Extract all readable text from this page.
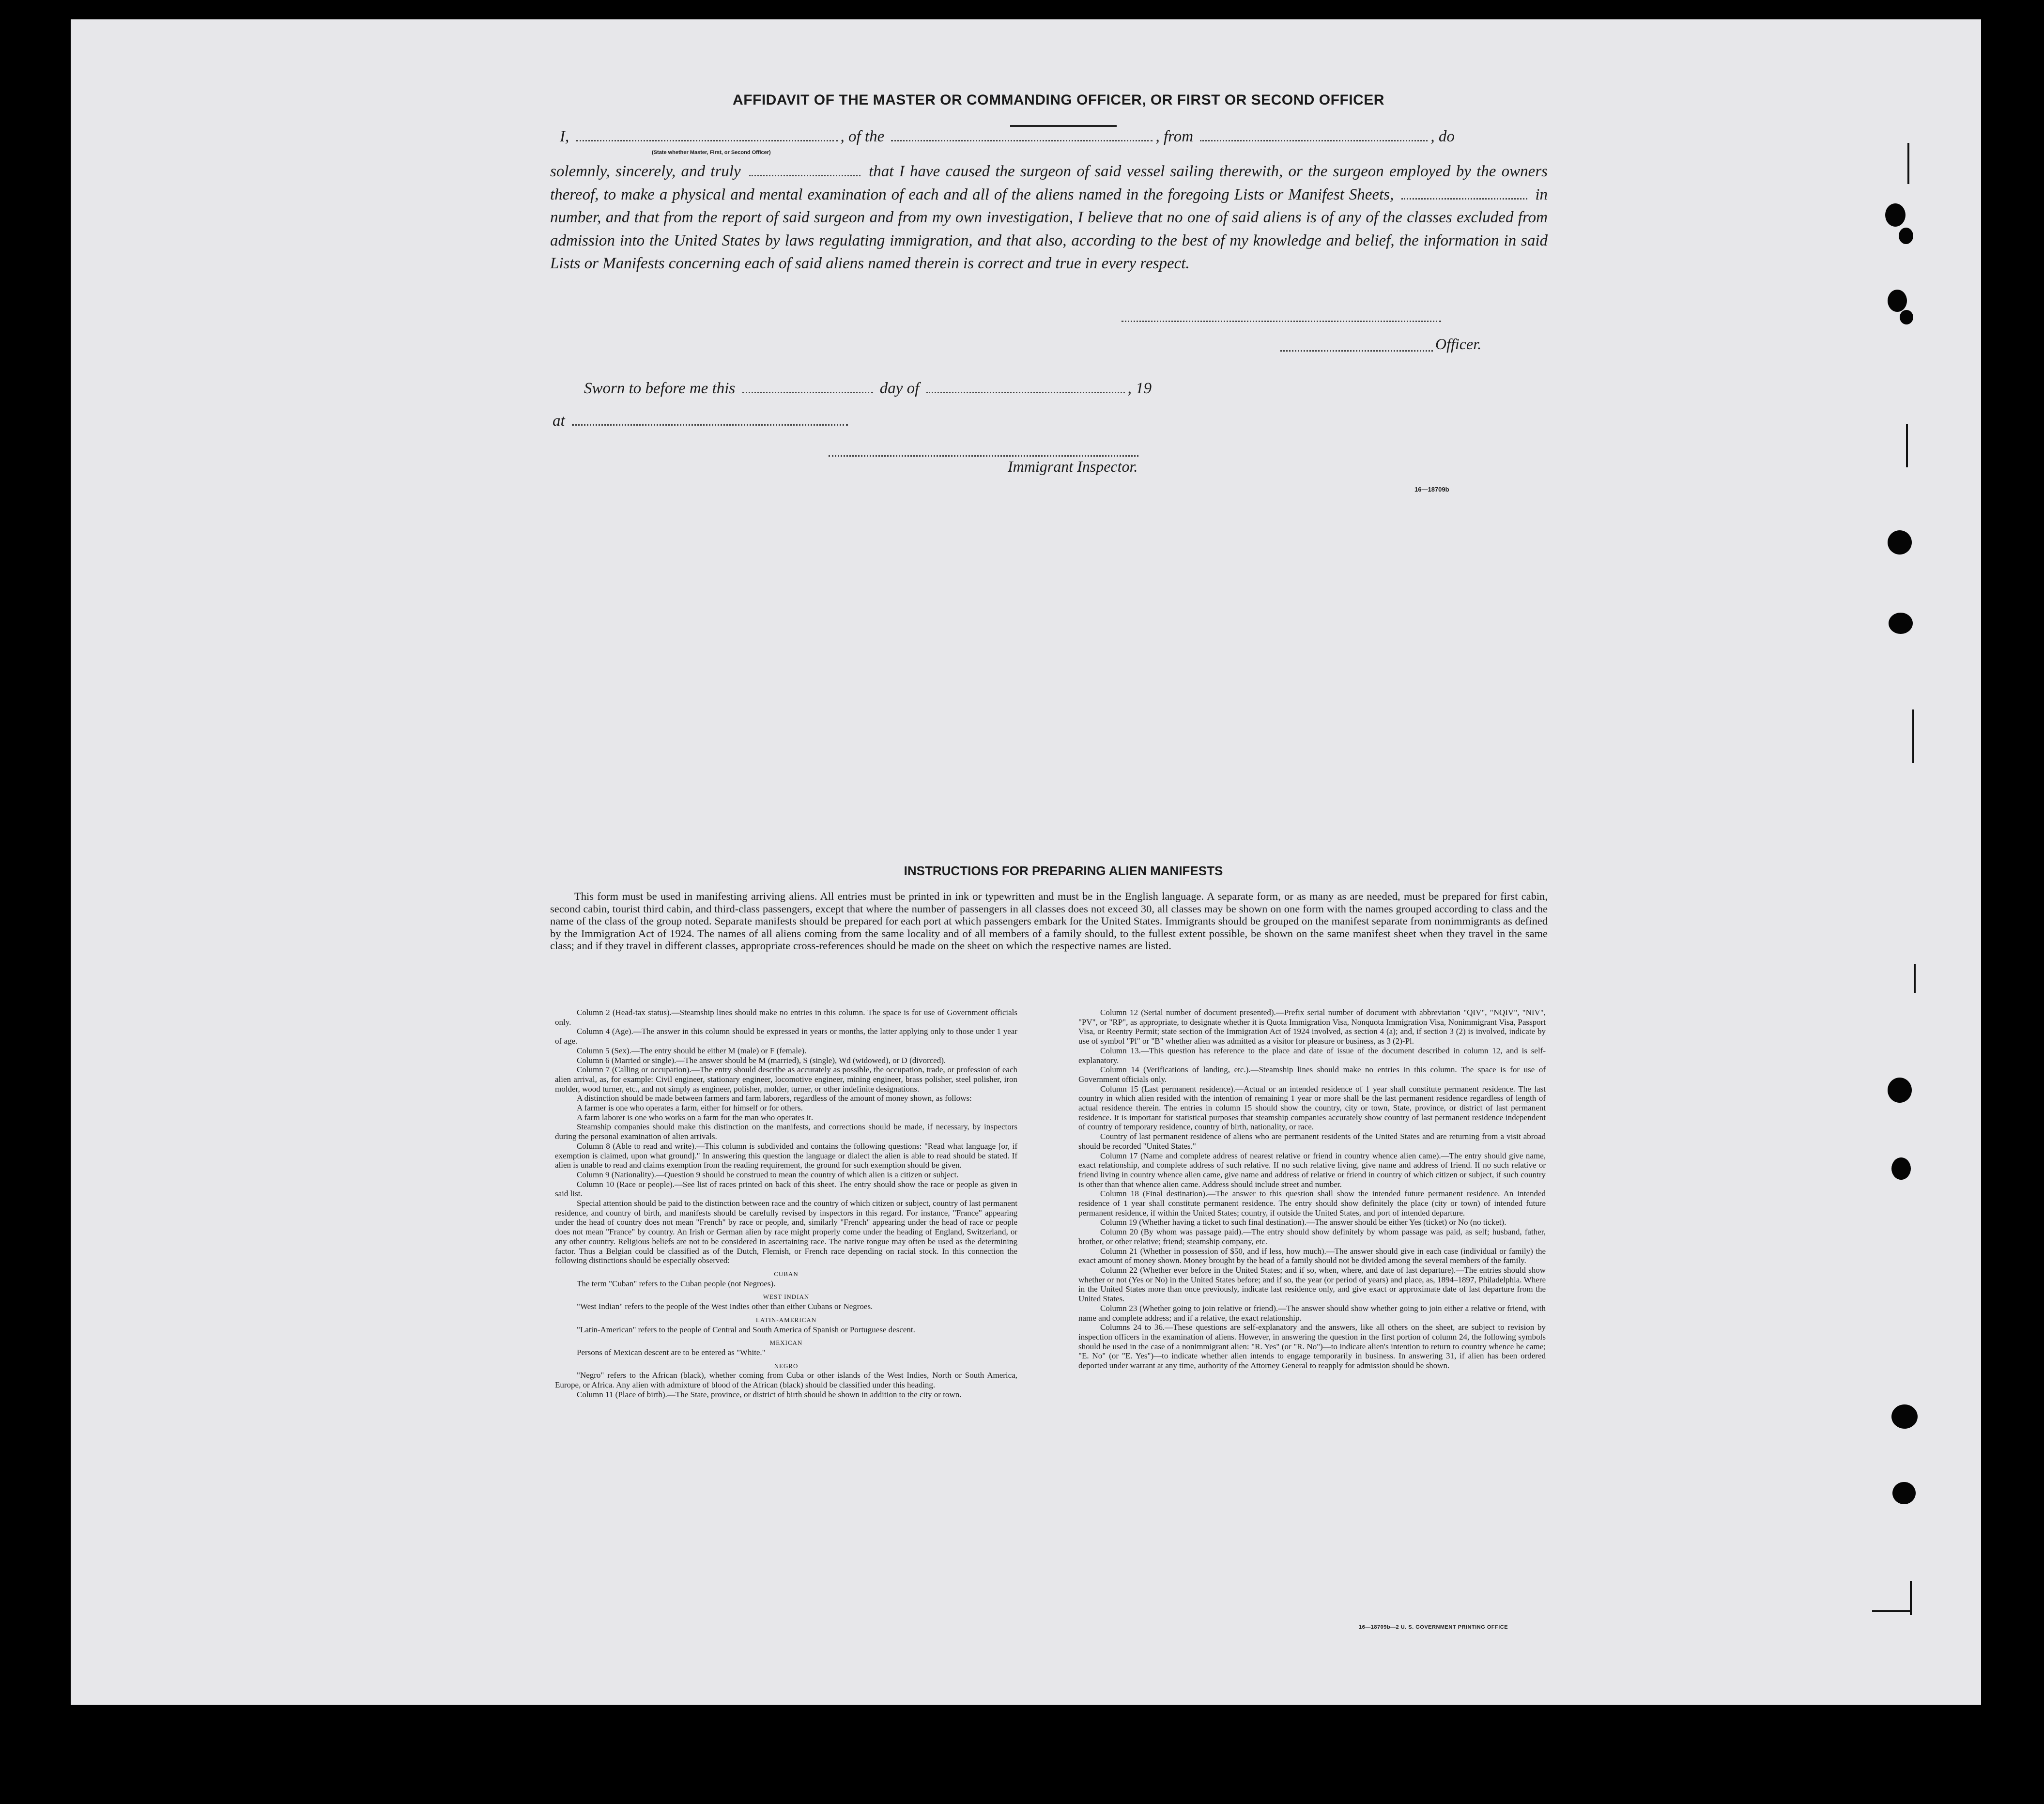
AFFIDAVIT OF THE MASTER OR COMMANDING OFFICER, OR FIRST OR SECOND OFFICER
I,	, of the	, from	, do
(State whether Master, First, or Second Officer)
solemnly, sincerely, and truly	that I have caused the surgeon of said vessel sailing therewith, or the surgeon employed by the owners thereof, to make a physical and mental examination of each and all of the aliens named in the foregoing Lists or Manifest Sheets,	in number, and that from the report of said surgeon and from my own investigation, I believe that no one of said aliens is of any of the classes excluded from admission into the United States by laws regulating immigration, and that also, according to the best of my knowledge and belief, the information in said Lists or Manifests concerning each of said aliens named therein is correct and true in every respect.
Officer.
Sworn to before me this	day of	, 19
at
Immigrant Inspector.
16—18709b
INSTRUCTIONS FOR PREPARING ALIEN MANIFESTS

This form must be used in manifesting arriving aliens. All entries must be printed in ink or typewritten and must be in the English language. A separate form, or as many as are needed, must be prepared for first cabin, second cabin, tourist third cabin, and third-class passengers, except that where the number of passengers in all classes does not exceed 30, all classes may be shown on one form with the names grouped according to class and the name of the class of the group noted. Separate manifests should be prepared for each port at which passengers embark for the United States. Immigrants should be grouped on the manifest separate from nonimmigrants as defined by the Immigration Act of 1924. The names of all aliens coming from the same locality and of all members of a family should, to the fullest extent possible, be shown on the same manifest sheet when they travel in the same class; and if they travel in different classes, appropriate cross-references should be made on the sheet on which the respective names are listed.

Column 2 (Head-tax status).—Steamship lines should make no entries in this column. The space is for use of Government officials only.

Column 4 (Age).—The answer in this column should be expressed in years or months, the latter applying only to those under 1 year of age.

Column 5 (Sex).—The entry should be either M (male) or F (female).

Column 6 (Married or single).—The answer should be M (married), S (single), Wd (widowed), or D (divorced).

Column 7 (Calling or occupation).—The entry should describe as accurately as possible, the occupation, trade, or profession of each alien arrival, as, for example: Civil engineer, stationary engineer, locomotive engineer, mining engineer, brass polisher, steel polisher, iron molder, wood turner, etc., and not simply as engineer, polisher, molder, turner, or other indefinite designations.

A distinction should be made between farmers and farm laborers, regardless of the amount of money shown, as follows:

A farmer is one who operates a farm, either for himself or for others.

A farm laborer is one who works on a farm for the man who operates it.

Steamship companies should make this distinction on the manifests, and corrections should be made, if necessary, by inspectors during the personal examination of alien arrivals.

Column 8 (Able to read and write).—This column is subdivided and contains the following questions: "Read what language [or, if exemption is claimed, upon what ground]." In answering this question the language or dialect the alien is able to read should be stated. If alien is unable to read and claims exemption from the reading requirement, the ground for such exemption should be given.

Column 9 (Nationality).—Question 9 should be construed to mean the country of which alien is a citizen or subject.

Column 10 (Race or people).—See list of races printed on back of this sheet. The entry should show the race or people as given in said list.

Special attention should be paid to the distinction between race and the country of which citizen or subject, country of last permanent residence, and country of birth, and manifests should be carefully revised by inspectors in this regard. For instance, "France" appearing under the head of country does not mean "French" by race or people, and, similarly "French" appearing under the head of race or people does not mean "France" by country. An Irish or German alien by race might properly come under the heading of England, Switzerland, or any other country. Religious beliefs are not to be considered in ascertaining race. The native tongue may often be used as the determining factor. Thus a Belgian could be classified as of the Dutch, Flemish, or French race depending on racial stock. In this connection the following distinctions should be especially observed:

CUBAN

The term "Cuban" refers to the Cuban people (not Negroes).

WEST INDIAN

"West Indian" refers to the people of the West Indies other than either Cubans or Negroes.

LATIN-AMERICAN

"Latin-American" refers to the people of Central and South America of Spanish or Portuguese descent.

MEXICAN

Persons of Mexican descent are to be entered as "White."

NEGRO

"Negro" refers to the African (black), whether coming from Cuba or other islands of the West Indies, North or South America, Europe, or Africa. Any alien with admixture of blood of the African (black) should be classified under this heading.

Column 11 (Place of birth).—The State, province, or district of birth should be shown in addition to the city or town.

Column 12 (Serial number of document presented).—Prefix serial number of document with abbreviation "QIV", "NQIV", "NIV", "PV", or "RP", as appropriate, to designate whether it is Quota Immigration Visa, Nonquota Immigration Visa, Nonimmigrant Visa, Passport Visa, or Reentry Permit; state section of the Immigration Act of 1924 involved, as section 4 (a); and, if section 3 (2) is involved, indicate by use of symbol "Pl" or "B" whether alien was admitted as a visitor for pleasure or business, as 3 (2)-Pl.

Column 13.—This question has reference to the place and date of issue of the document described in column 12, and is self-explanatory.

Column 14 (Verifications of landing, etc.).—Steamship lines should make no entries in this column. The space is for use of Government officials only.

Column 15 (Last permanent residence).—Actual or an intended residence of 1 year shall constitute permanent residence. The last country in which alien resided with the intention of remaining 1 year or more shall be the last permanent residence regardless of length of actual residence therein. The entries in column 15 should show the country, city or town, State, province, or district of last permanent residence. It is important for statistical purposes that steamship companies accurately show country of last permanent residence independent of country of temporary residence, country of birth, nationality, or race.

Country of last permanent residence of aliens who are permanent residents of the United States and are returning from a visit abroad should be recorded "United States."

Column 17 (Name and complete address of nearest relative or friend in country whence alien came).—The entry should give name, exact relationship, and complete address of such relative. If no such relative living, give name and address of friend. If no such relative or friend living in country whence alien came, give name and address of relative or friend in country of which citizen or subject, if such country is other than that whence alien came. Address should include street and number.

Column 18 (Final destination).—The answer to this question shall show the intended future permanent residence. An intended residence of 1 year shall constitute permanent residence. The entry should show definitely the place (city or town) of intended future permanent residence, if within the United States; country, if outside the United States, and port of intended departure.

Column 19 (Whether having a ticket to such final destination).—The answer should be either Yes (ticket) or No (no ticket).

Column 20 (By whom was passage paid).—The entry should show definitely by whom passage was paid, as self; husband, father, brother, or other relative; friend; steamship company, etc.

Column 21 (Whether in possession of $50, and if less, how much).—The answer should give in each case (individual or family) the exact amount of money shown. Money brought by the head of a family should not be divided among the several members of the family.

Column 22 (Whether ever before in the United States; and if so, when, where, and date of last departure).—The entries should show whether or not (Yes or No) in the United States before; and if so, the year (or period of years) and place, as, 1894–1897, Philadelphia. Where in the United States more than once previously, indicate last residence only, and give exact or approximate date of last departure from the United States.

Column 23 (Whether going to join relative or friend).—The answer should show whether going to join either a relative or friend, with name and complete address; and if a relative, the exact relationship.

Columns 24 to 36.—These questions are self-explanatory and the answers, like all others on the sheet, are subject to revision by inspection officers in the examination of aliens. However, in answering the question in the first portion of column 24, the following symbols should be used in the case of a nonimmigrant alien: "R. Yes" (or "R. No")—to indicate alien's intention to return to country whence he came; "E. No" (or "E. Yes")—to indicate whether alien intends to engage temporarily in business. In answering 31, if alien has been ordered deported under warrant at any time, authority of the Attorney General to reapply for admission should be shown.

16—18709b—2 U. S. GOVERNMENT PRINTING OFFICE
